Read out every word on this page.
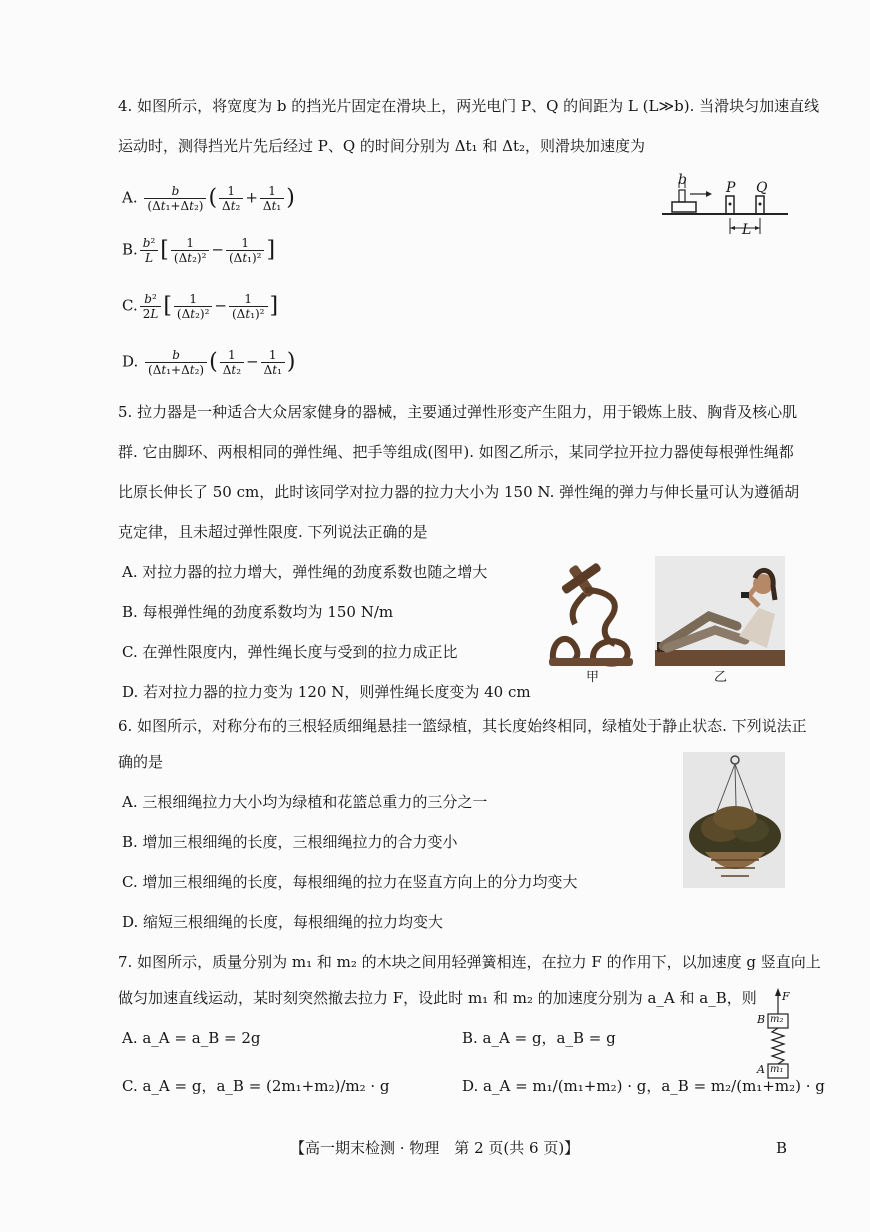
4. 如图所示，将宽度为 b 的挡光片固定在滑块上，两光电门 P、Q 的间距为 L (L≫b). 当滑块匀加速直线
运动时，测得挡光片先后经过 P、Q 的时间分别为 Δt₁ 和 Δt₂，则滑块加速度为
A. $\frac{b}{\text{(Δt₁+Δt₂)}}$ ( $\frac{1}{\text{Δt₂}} + \frac{1}{\text{Δt₁}}$ )
B. $\frac{\text{b²}}{L}$ [ $\frac{1}{\text{(Δt₂)²}} - \frac{1}{\text{(Δt₁)²}}$ ]
C. $\frac{\text{b²}}{2L}$ [ $\frac{1}{\text{(Δt₂)²}} - \frac{1}{\text{(Δt₁)²}}$ ]
D. $\frac{b}{\text{(Δt₁+Δt₂)}}$ ( $\frac{1}{\text{Δt₂}} - \frac{1}{\text{Δt₁}}$ )
b	P Q
L
5. 拉力器是一种适合大众居家健身的器械，主要通过弹性形变产生阻力，用于锻炼上肢、胸背及核心肌
群. 它由脚环、两根相同的弹性绳、把手等组成(图甲). 如图乙所示，某同学拉开拉力器使每根弹性绳都
比原长伸长了 50 cm，此时该同学对拉力器的拉力大小为 150 N. 弹性绳的弹力与伸长量可认为遵循胡
克定律，且未超过弹性限度. 下列说法正确的是
A. 对拉力器的拉力增大，弹性绳的劲度系数也随之增大
B. 每根弹性绳的劲度系数均为 150 N/m
C. 在弹性限度内，弹性绳长度与受到的拉力成正比
D. 若对拉力器的拉力变为 120 N，则弹性绳长度变为 40 cm
甲	乙
6. 如图所示，对称分布的三根轻质细绳悬挂一篮绿植，其长度始终相同，绿植处于静止状态. 下列说法正
确的是
A. 三根细绳拉力大小均为绿植和花篮总重力的三分之一
B. 增加三根细绳的长度，三根细绳拉力的合力变小
C. 增加三根细绳的长度，每根细绳的拉力在竖直方向上的分力均变大
D. 缩短三根细绳的长度，每根细绳的拉力均变大
7. 如图所示，质量分别为 m₁ 和 m₂ 的木块之间用轻弹簧相连，在拉力 F 的作用下，以加速度 g 竖直向上
做匀加速直线运动，某时刻突然撤去拉力 F，设此时 m₁ 和 m₂ 的加速度分别为 a_A 和 a_B，则
A. a_A = a_B = 2g	B. a_A = g，a_B = g
C. a_A = g，a_B = (2m₁+m₂)/m₂ · g	D. a_A = m₁/(m₁+m₂) · g，a_B = m₂/(m₁+m₂) · g
F
B m₂
A m₁
【高一期末检测 · 物理　第 2 页(共 6 页)】	B
